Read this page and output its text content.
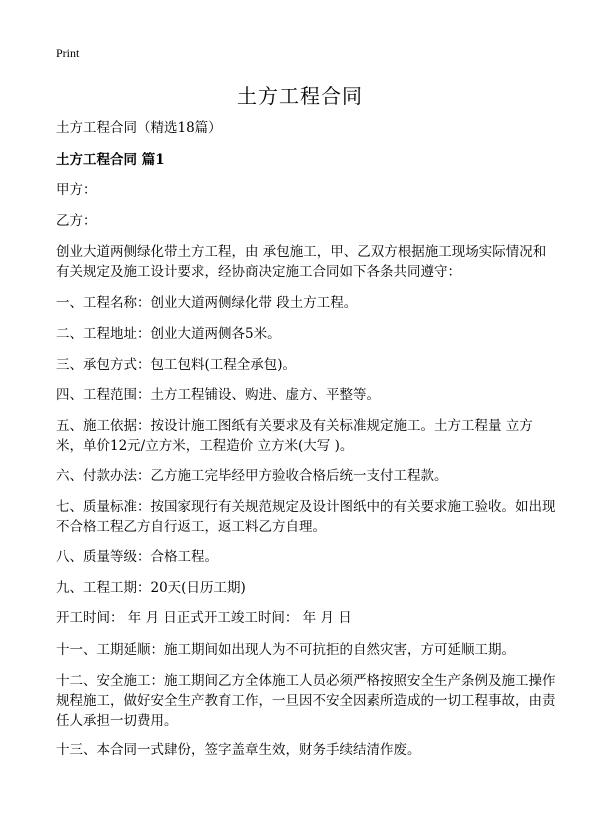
Print
土方工程合同
土方工程合同（精选18篇）
土方工程合同 篇1
甲方：
乙方：
创业大道两侧绿化带土方工程，由 承包施工，甲、乙双方根据施工现场实际情况和有关规定及施工设计要求，经协商决定施工合同如下各条共同遵守：
一、工程名称：创业大道两侧绿化带 段土方工程。
二、工程地址：创业大道两侧各5米。
三、承包方式：包工包料(工程全承包)。
四、工程范围：土方工程铺设、购进、虚方、平整等。
五、施工依据：按设计施工图纸有关要求及有关标准规定施工。土方工程量 立方米，单价12元/立方米，工程造价 立方米(大写 )。
六、付款办法：乙方施工完毕经甲方验收合格后统一支付工程款。
七、质量标准：按国家现行有关规范规定及设计图纸中的有关要求施工验收。如出现不合格工程乙方自行返工，返工料乙方自理。
八、质量等级：合格工程。
九、工程工期：20天(日历工期)
开工时间： 年 月 日正式开工竣工时间： 年 月 日
十一、工期延顺：施工期间如出现人为不可抗拒的自然灾害，方可延顺工期。
十二、安全施工：施工期间乙方全体施工人员必须严格按照安全生产条例及施工操作规程施工，做好安全生产教育工作，一旦因不安全因素所造成的一切工程事故，由责任人承担一切费用。
十三、本合同一式肆份，签字盖章生效，财务手续结清作废。
